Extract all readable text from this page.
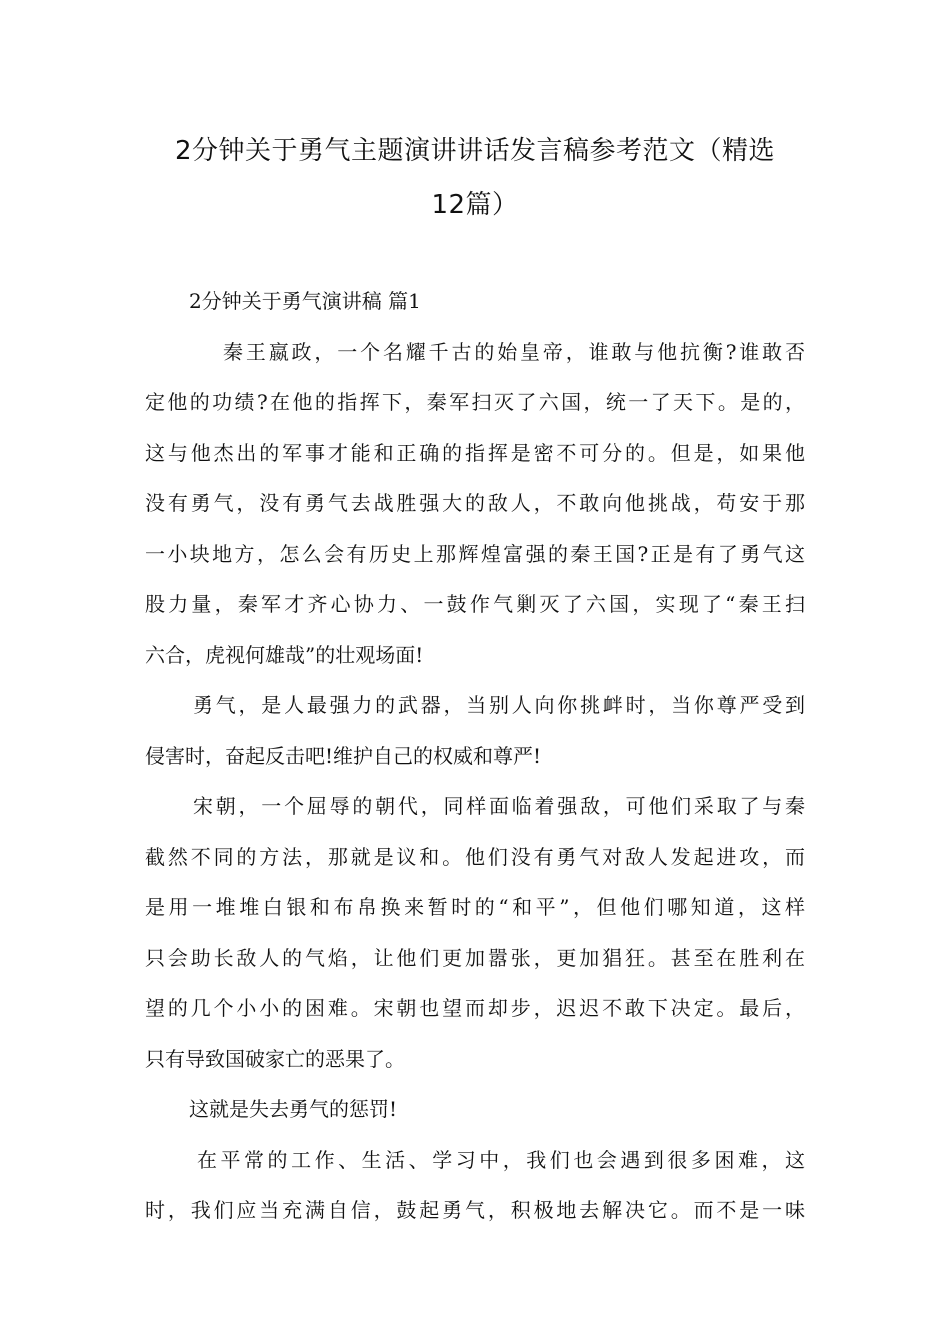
2分钟关于勇气主题演讲讲话发言稿参考范文（精选
12篇）
2分钟关于勇气演讲稿 篇1
秦王嬴政，一个名耀千古的始皇帝，谁敢与他抗衡?谁敢否
定他的功绩?在他的指挥下，秦军扫灭了六国，统一了天下。是的，
这与他杰出的军事才能和正确的指挥是密不可分的。但是，如果他
没有勇气，没有勇气去战胜强大的敌人，不敢向他挑战，苟安于那
一小块地方，怎么会有历史上那辉煌富强的秦王国?正是有了勇气这
股力量，秦军才齐心协力、一鼓作气剿灭了六国，实现了“秦王扫
六合，虎视何雄哉”的壮观场面!
勇气，是人最强力的武器，当别人向你挑衅时，当你尊严受到
侵害时，奋起反击吧!维护自己的权威和尊严!
宋朝，一个屈辱的朝代，同样面临着强敌，可他们采取了与秦
截然不同的方法，那就是议和。他们没有勇气对敌人发起进攻，而
是用一堆堆白银和布帛换来暂时的“和平”，但他们哪知道，这样
只会助长敌人的气焰，让他们更加嚣张，更加猖狂。甚至在胜利在
望的几个小小的困难。宋朝也望而却步，迟迟不敢下决定。最后，
只有导致国破家亡的恶果了。
这就是失去勇气的惩罚!
在平常的工作、生活、学习中，我们也会遇到很多困难，这
时，我们应当充满自信，鼓起勇气，积极地去解决它。而不是一味
